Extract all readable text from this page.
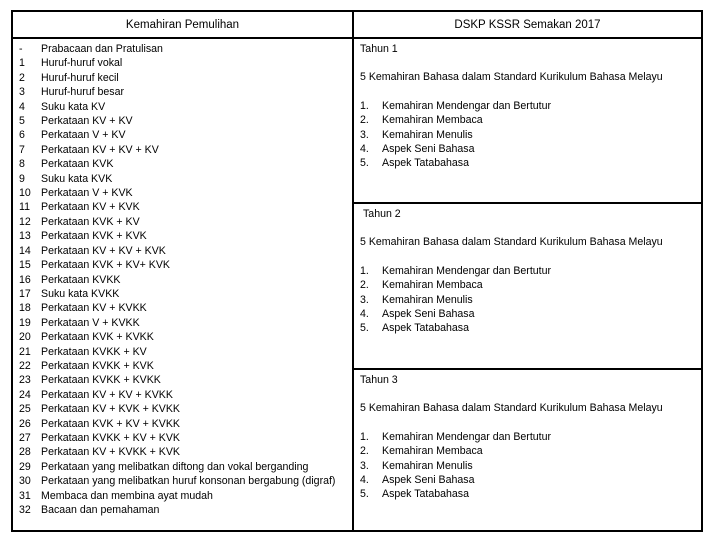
Kemahiran Pemulihan	DSKP KSSR Semakan 2017
-	Prabacaan dan Pratulisan
1	Huruf-huruf vokal
2	Huruf-huruf kecil
3	Huruf-huruf besar
4	Suku kata KV
5	Perkataan KV + KV
6	Perkataan V + KV
7	Perkataan KV + KV + KV
8	Perkataan KVK
9	Suku kata KVK
10 Perkataan V + KVK
11	Perkataan KV + KVK
12 Perkataan KVK + KV
13 Perkataan KVK + KVK
14 Perkataan KV + KV + KVK
15 Perkataan KVK + KV+ KVK
16 Perkataan KVKK
17 Suku kata KVKK
18 Perkataan KV + KVKK
19 Perkataan V + KVKK
20 Perkataan KVK + KVKK
21 Perkataan KVKK + KV
22 Perkataan KVKK + KVK
23 Perkataan KVKK + KVKK
24 Perkataan KV + KV + KVKK
25 Perkataan KV + KVK + KVKK
26 Perkataan KVK + KV + KVKK
27 Perkataan KVKK + KV + KVK
28 Perkataan KV + KVKK + KVK
29 Perkataan yang melibatkan diftong dan vokal berganding
30 Perkataan yang melibatkan huruf konsonan bergabung (digraf)
31 Membaca dan membina ayat mudah
32 Bacaan dan pemahaman
Tahun 1
5 Kemahiran Bahasa dalam Standard Kurikulum Bahasa Melayu
1.	Kemahiran Mendengar dan Bertutur
2.	Kemahiran Membaca
3.	Kemahiran Menulis
4.	Aspek Seni Bahasa
5.	Aspek Tatabahasa
Tahun 2
5 Kemahiran Bahasa dalam Standard Kurikulum Bahasa Melayu
1.	Kemahiran Mendengar dan Bertutur
2.	Kemahiran Membaca
3.	Kemahiran Menulis
4.	Aspek Seni Bahasa
5.	Aspek Tatabahasa
Tahun 3
5 Kemahiran Bahasa dalam Standard Kurikulum Bahasa Melayu
1.	Kemahiran Mendengar dan Bertutur
2.	Kemahiran Membaca
3.	Kemahiran Menulis
4.	Aspek Seni Bahasa
5.	Aspek Tatabahasa
